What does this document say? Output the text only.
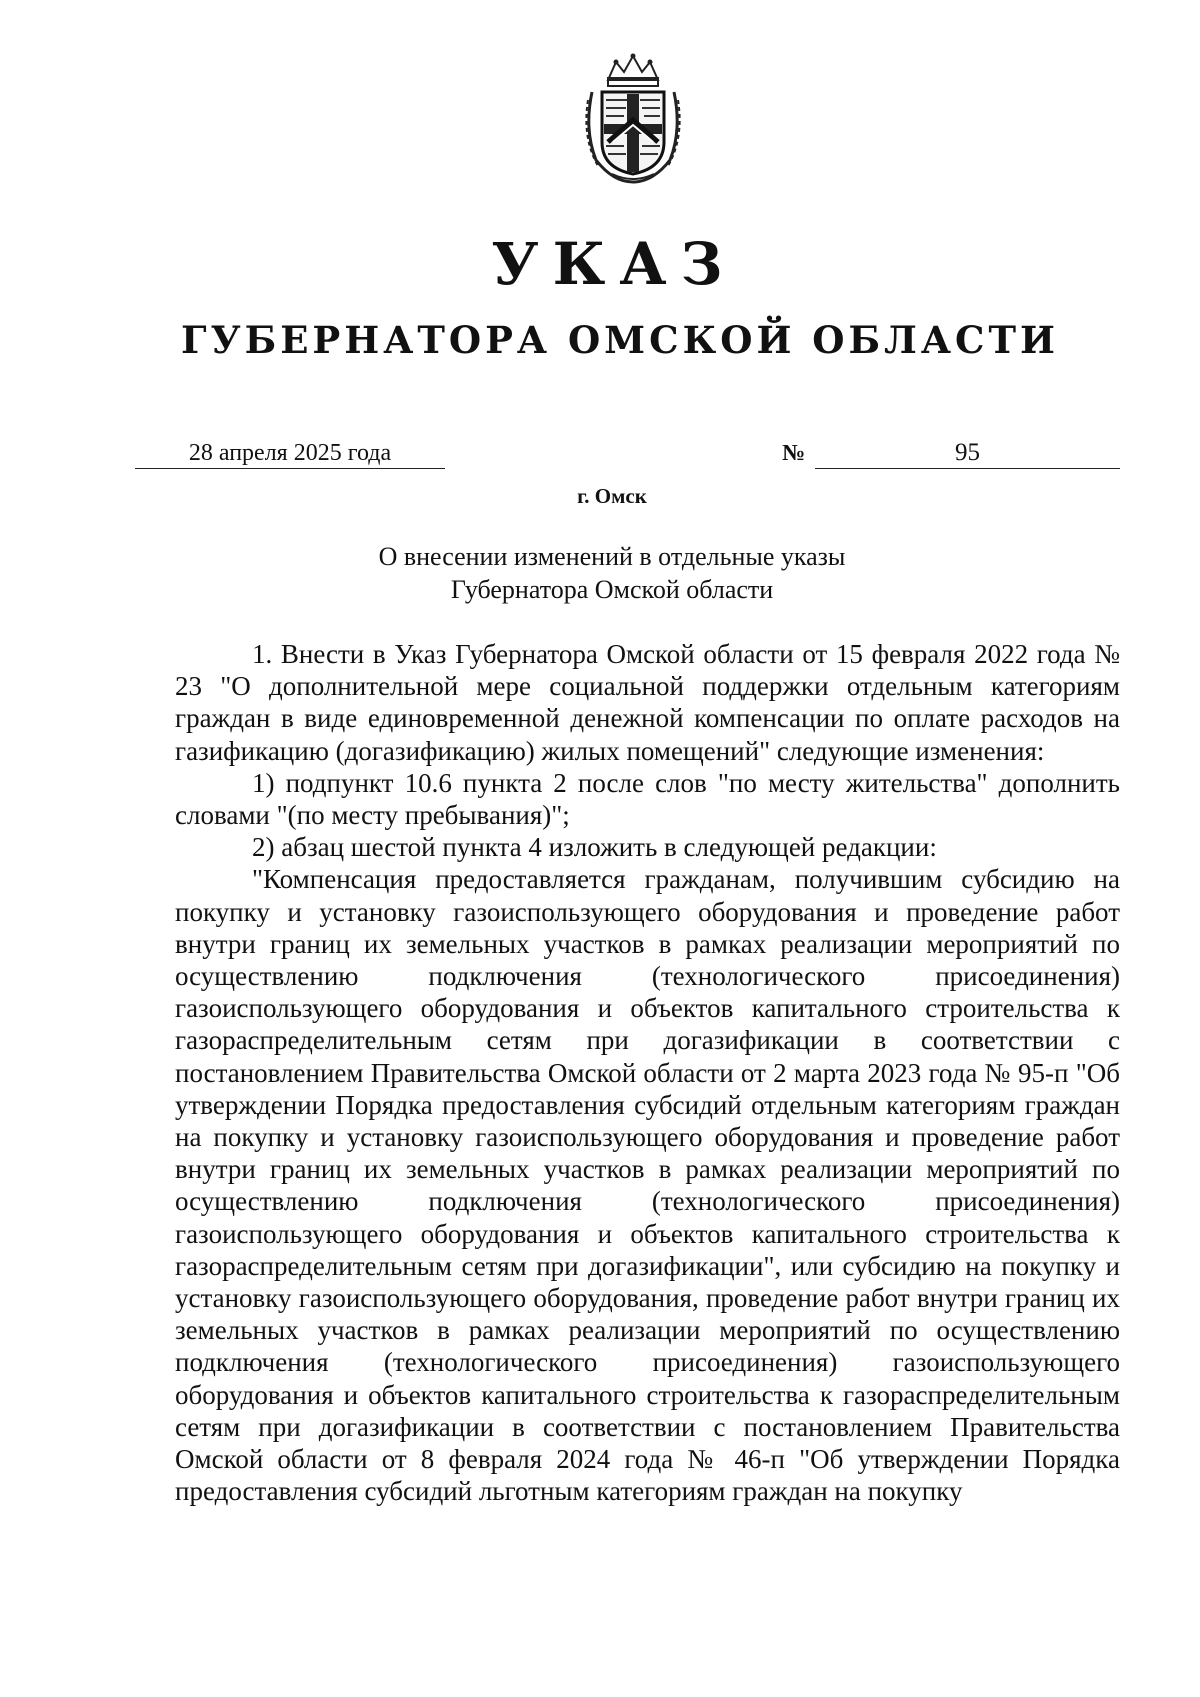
УКАЗ
ГУБЕРНАТОРА ОМСКОЙ ОБЛАСТИ
28 апреля 2025 года	№	95
г. Омск
О внесении изменений в отдельные указы
Губернатора Омской области

1. Внести в Указ Губернатора Омской области от 15 февраля 2022 года № 23 "О дополнительной мере социальной поддержки отдельным категориям граждан в виде единовременной денежной компенсации по оплате расходов на газификацию (догазификацию) жилых помещений" следующие изменения:

1) подпункт 10.6 пункта 2 после слов "по месту жительства" дополнить словами "(по месту пребывания)";

2) абзац шестой пункта 4 изложить в следующей редакции:

"Компенсация предоставляется гражданам, получившим субсидию на покупку и установку газоиспользующего оборудования и проведение работ внутри границ их земельных участков в рамках реализации мероприятий по осуществлению подключения (технологического присоединения) газоиспользующего оборудования и объектов капитального строительства к газораспределительным сетям при догазификации в соответствии с постановлением Правительства Омской области от 2 марта 2023 года № 95-п "Об утверждении Порядка предоставления субсидий отдельным категориям граждан на покупку и установку газоиспользующего оборудования и проведение работ внутри границ их земельных участков в рамках реализации мероприятий по осуществлению подключения (технологического присоединения) газоиспользующего оборудования и объектов капитального строительства к газораспределительным сетям при догазификации", или субсидию на покупку и установку газоиспользующего оборудования, проведение работ внутри границ их земельных участков в рамках реализации мероприятий по осуществлению подключения (технологического присоединения) газоиспользующего оборудования и объектов капитального строительства к газораспределительным сетям при догазификации в соответствии с постановлением Правительства Омской области от 8 февраля 2024 года № 46-п "Об утверждении Порядка предоставления субсидий льготным категориям граждан на покупку
